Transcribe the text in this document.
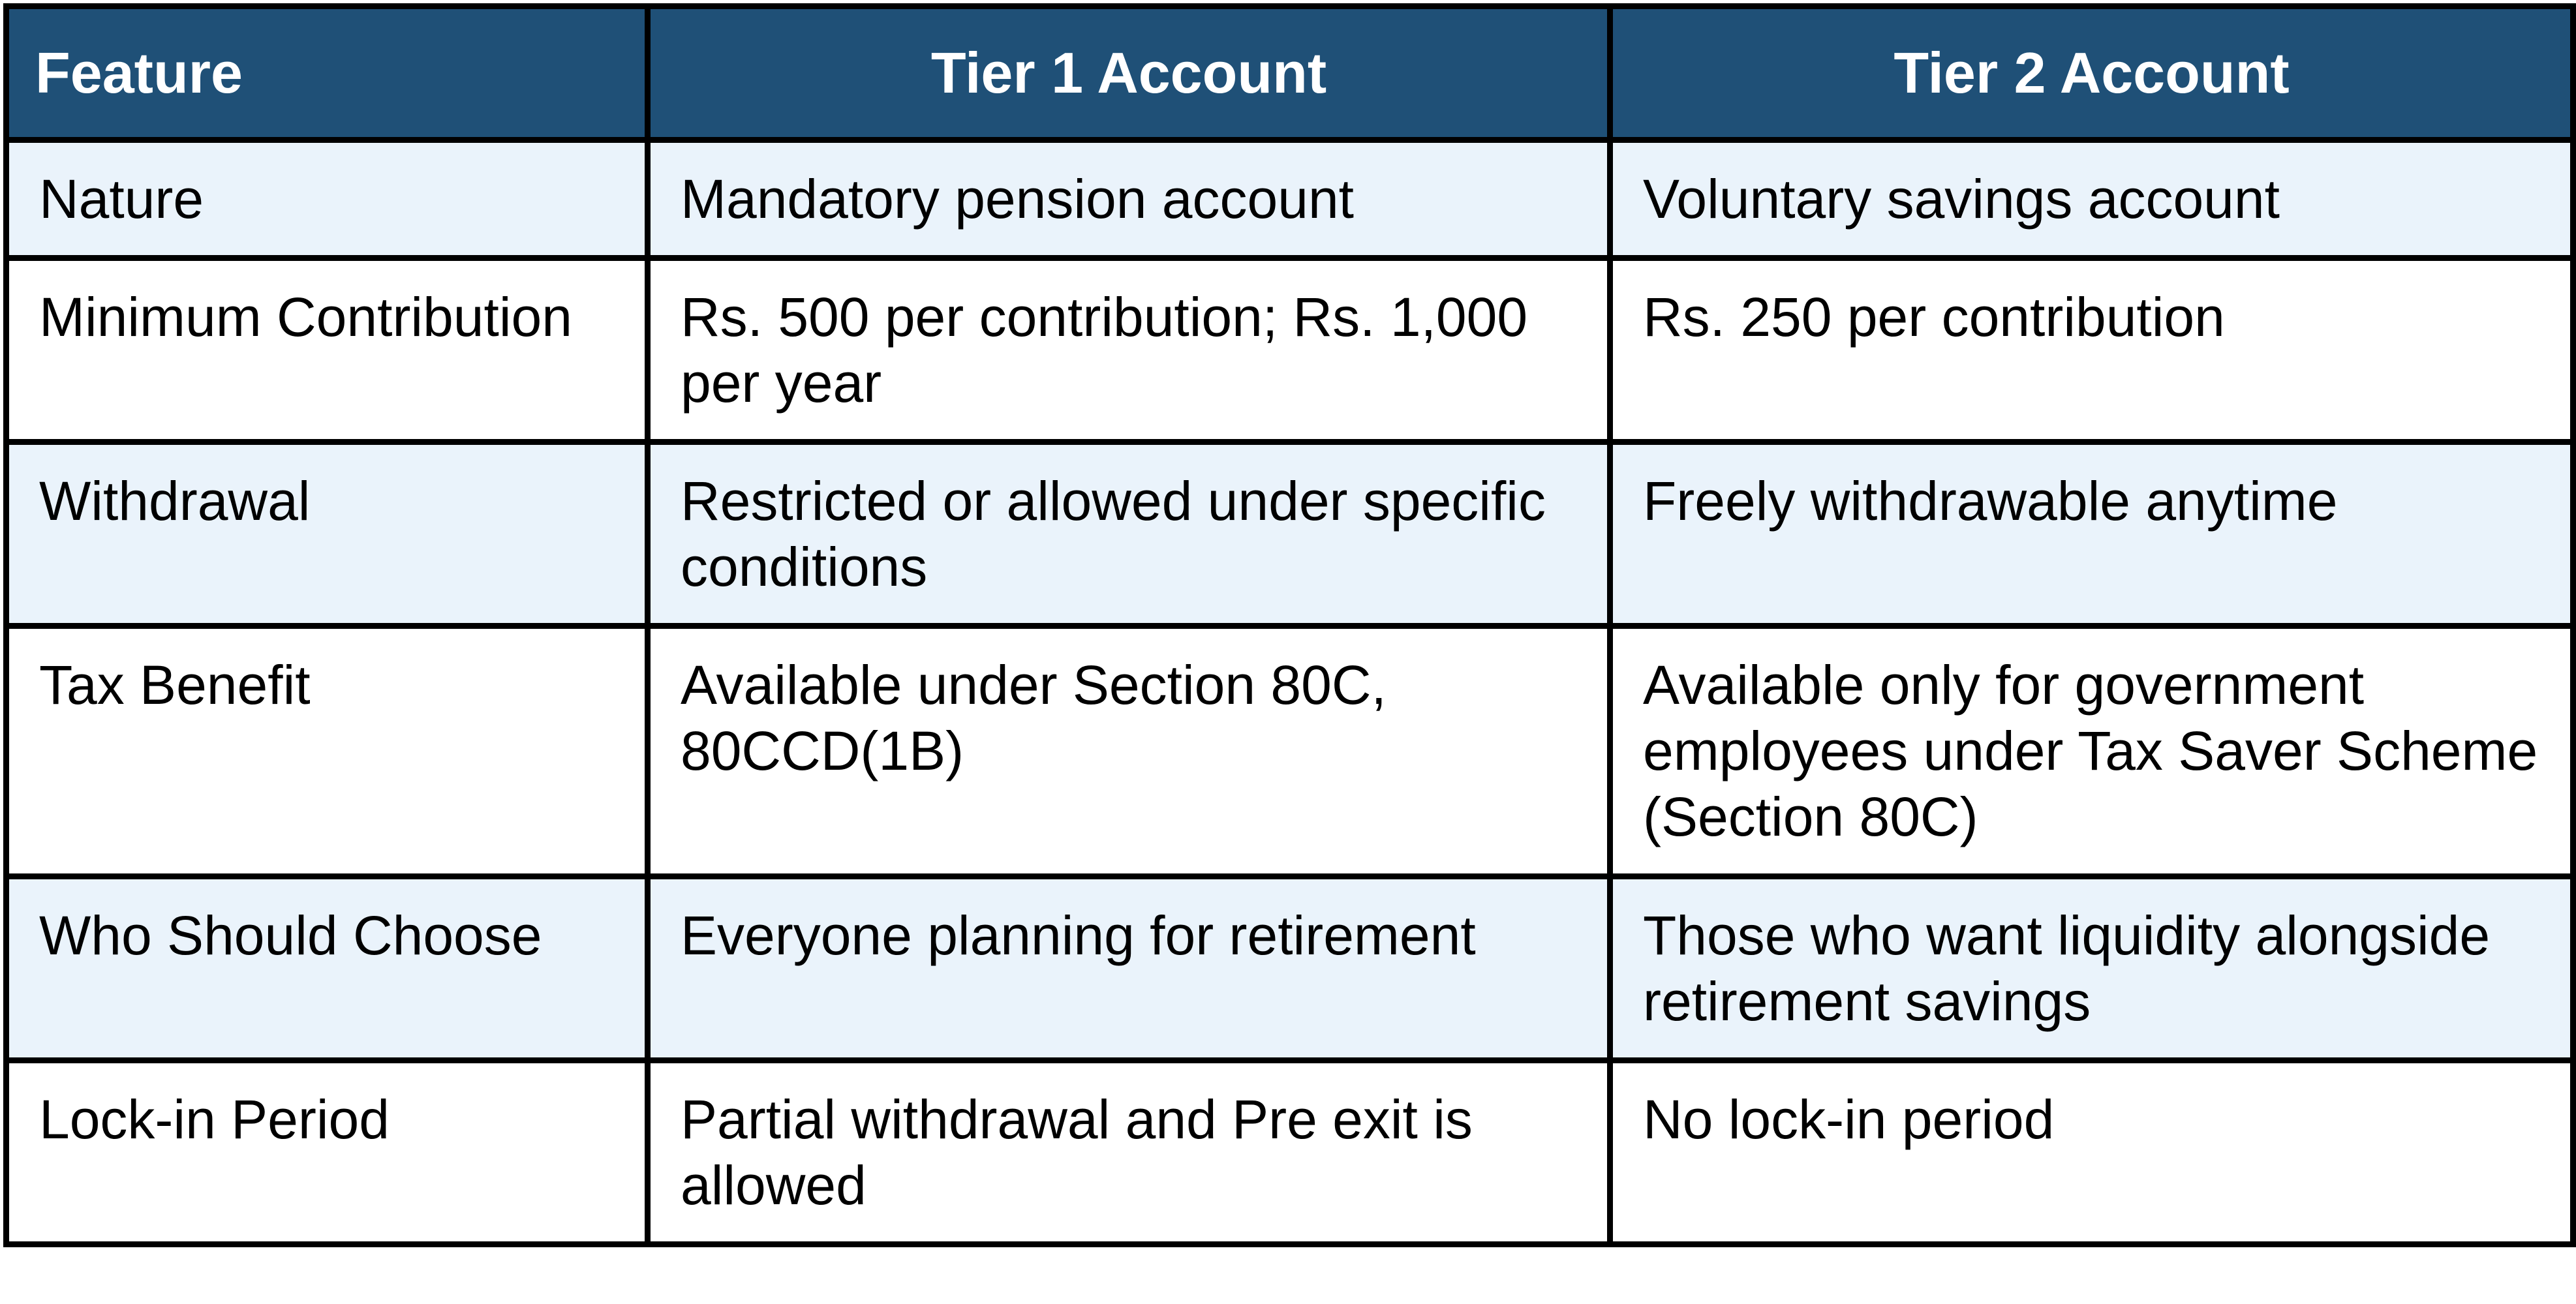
Feature	Tier 1 Account	Tier 2 Account
Nature	Mandatory pension account	Voluntary savings account
Minimum Contribution	Rs. 500 per contribution; Rs. 1,000 per year	Rs. 250 per contribution
Withdrawal	Restricted or allowed under specific conditions	Freely withdrawable anytime
Tax Benefit	Available under Section 80C, 80CCD(1B)	Available only for government employees under Tax Saver Scheme (Section 80C)
Who Should Choose	Everyone planning for retirement	Those who want liquidity alongside retirement savings
Lock-in Period	Partial withdrawal and Pre exit is allowed	No lock-in period
